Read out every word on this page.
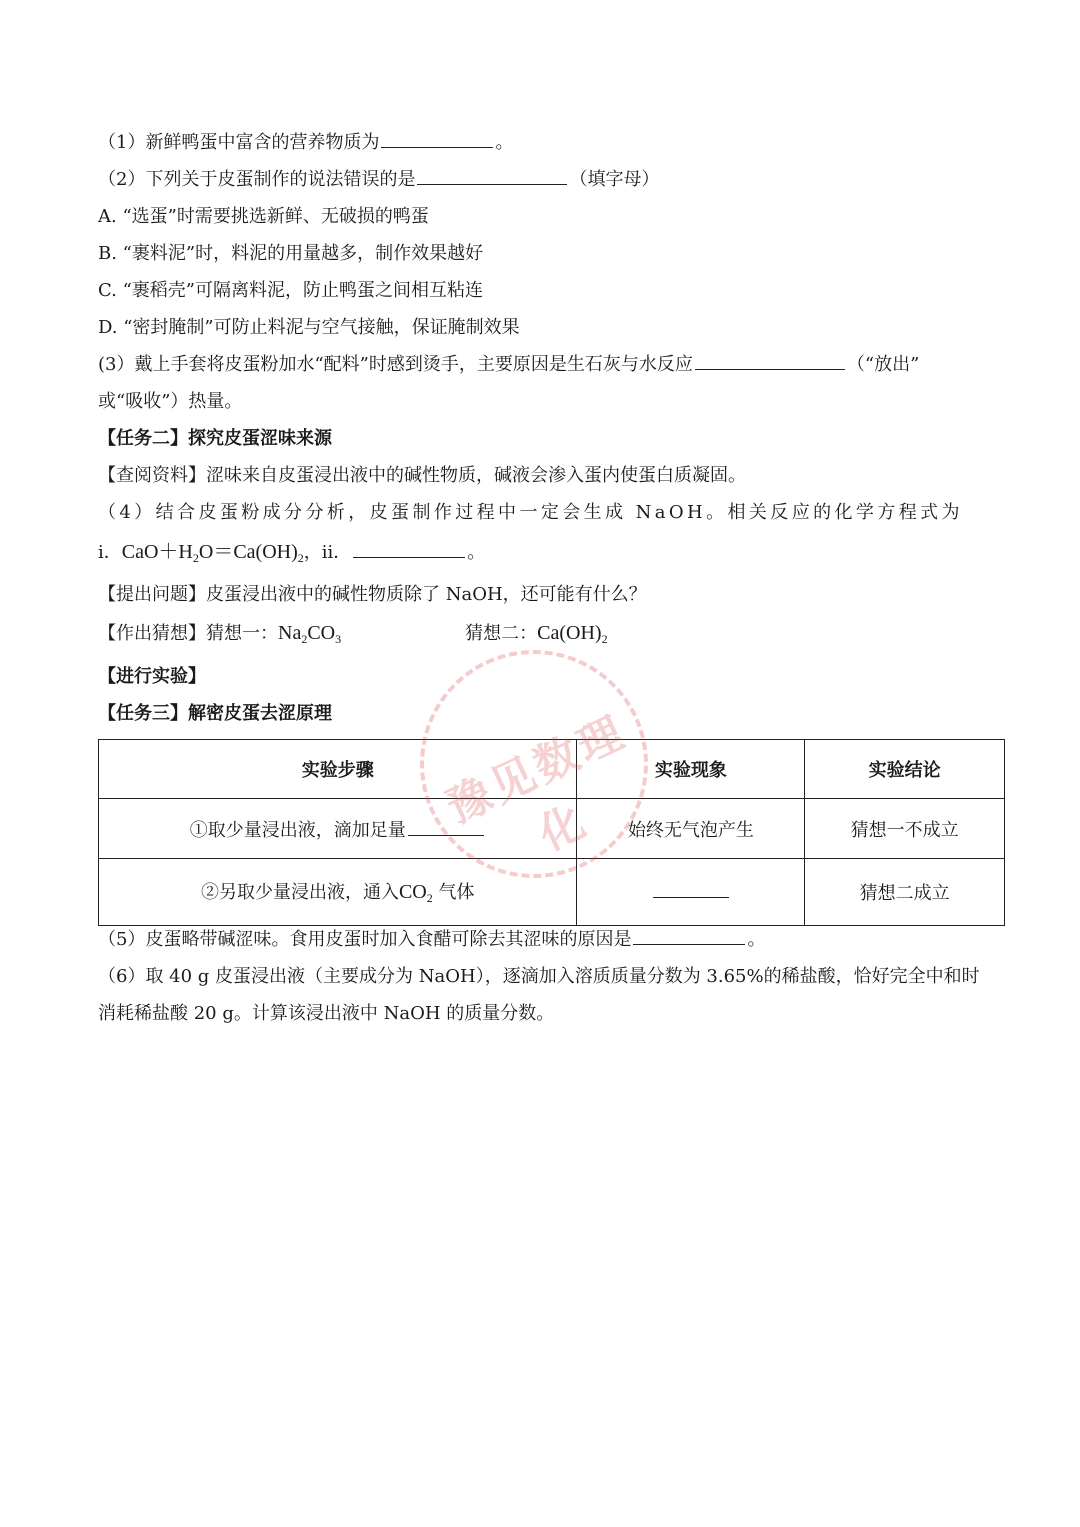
（1）新鲜鸭蛋中富含的营养物质为	。
（2）下列关于皮蛋制作的说法错误的是	（填字母）
A. “选蛋”时需要挑选新鲜、无破损的鸭蛋
B. “裹料泥”时，料泥的用量越多，制作效果越好
C. “裹稻壳”可隔离料泥，防止鸭蛋之间相互粘连
D. “密封腌制”可防止料泥与空气接触，保证腌制效果
(3）戴上手套将皮蛋粉加水“配料”时感到烫手，主要原因是生石灰与水反应	（“放出”
或“吸收”）热量。
【任务二】探究皮蛋涩味来源
【查阅资料】涩味来自皮蛋浸出液中的碱性物质，碱液会渗入蛋内使蛋白质凝固。
（4）结合皮蛋粉成分分析，皮蛋制作过程中一定会生成 NaOH。相关反应的化学方程式为
i．$CaO+H_2O=Ca(OH)_2$，ii．	。
【提出问题】皮蛋浸出液中的碱性物质除了 NaOH，还可能有什么？
【作出猜想】猜想一：$Na_2CO_3$	猜想二：$Ca(OH)_2$
【进行实验】
【任务三】解密皮蛋去涩原理
实验步骤	实验现象	实验结论
①取少量浸出液，滴加足量	始终无气泡产生	猜想一不成立
②另取少量浸出液，通入$CO_2$ 气体		猜想二成立
（5）皮蛋略带碱涩味。食用皮蛋时加入食醋可除去其涩味的原因是	。
（6）取 40 g 皮蛋浸出液（主要成分为 NaOH），逐滴加入溶质质量分数为 3.65%的稀盐酸，恰好完全中和时
消耗稀盐酸 20 g。计算该浸出液中 NaOH 的质量分数。
豫见数理化
